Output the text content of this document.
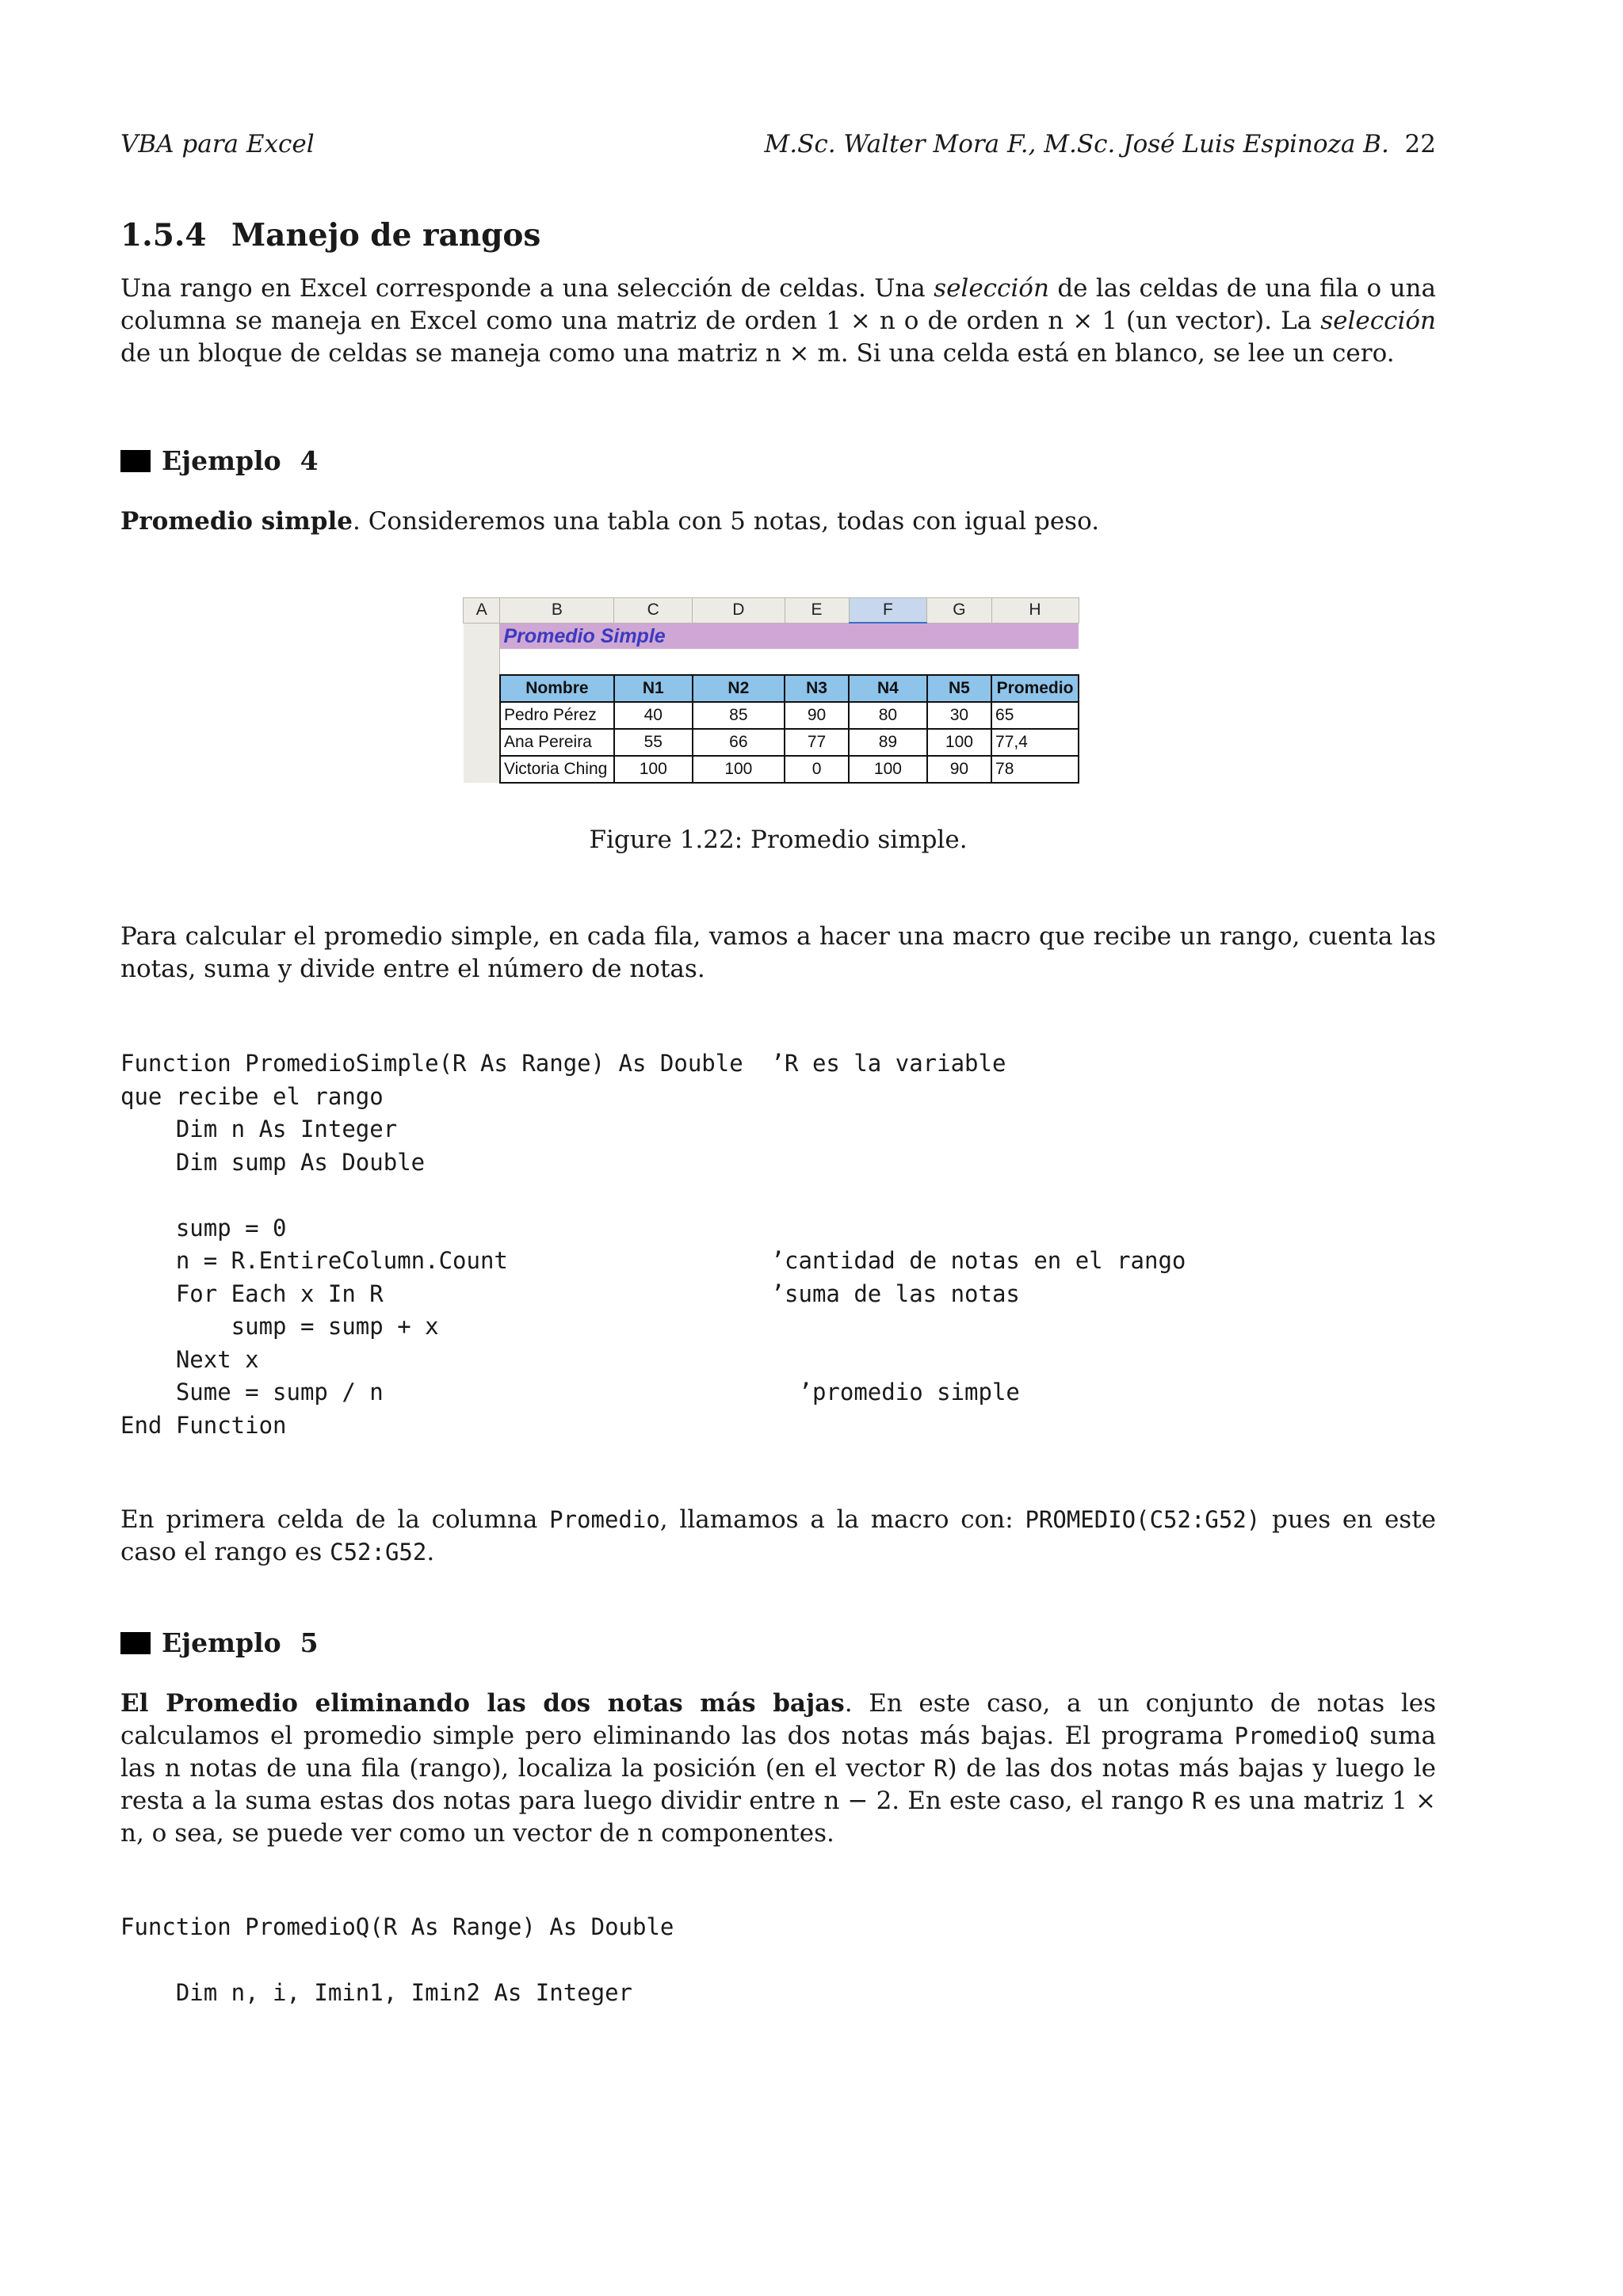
VBA para Excel	M.Sc. Walter Mora F., M.Sc. José Luis Espinoza B. 22
1.5.4 Manejo de rangos
Una rango en Excel corresponde a una selección de celdas. Una selección de las celdas de una fila o una columna se maneja en Excel como una matriz de orden 1 × n o de orden n × 1 (un vector). La selección de un bloque de celdas se maneja como una matriz n × m. Si una celda está en blanco, se lee un cero.
Ejemplo 4
Promedio simple. Consideremos una tabla con 5 notas, todas con igual peso.
Figure 1.22: Promedio simple.
Para calcular el promedio simple, en cada fila, vamos a hacer una macro que recibe un rango, cuenta las notas, suma y divide entre el número de notas.
Function PromedioSimple(R As Range) As Double  ’R es la variable
que recibe el rango
Dim n As Integer
Dim sump As Double

sump = 0
n = R.EntireColumn.Count                   ’cantidad de notas en el rango
For Each x In R                            ’suma de las notas
sump = sump + x
Next x
Sume = sump / n                              ’promedio simple
End Function
En primera celda de la columna Promedio, llamamos a la macro con: PROMEDIO(C52:G52) pues en este caso el rango es C52:G52.
Ejemplo 5
El Promedio eliminando las dos notas más bajas. En este caso, a un conjunto de notas les calculamos el promedio simple pero eliminando las dos notas más bajas. El programa PromedioQ suma las n notas de una fila (rango), localiza la posición (en el vector R) de las dos notas más bajas y luego le resta a la suma estas dos notas para luego dividir entre n − 2. En este caso, el rango R es una matriz 1 × n, o sea, se puede ver como un vector de n componentes.
Function PromedioQ(R As Range) As Double

Dim n, i, Imin1, Imin2 As Integer
A	B	C	D	E	F	G	H
	Promedio Simple						

	Nombre	N1	N2	N3	N4	N5	Promedio
	Pedro Pérez	40	85	90	80	30	65
	Ana Pereira	55	66	77	89	100	77,4
	Victoria Ching	100	100	0	100	90	78
